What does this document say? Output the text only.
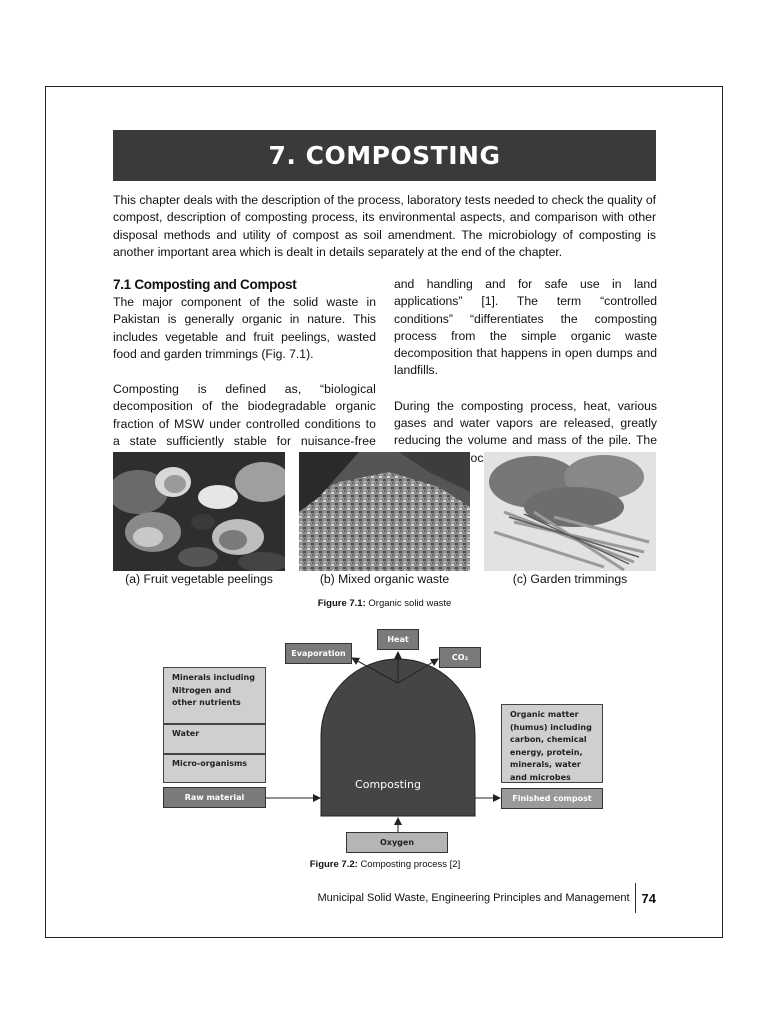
7. COMPOSTING
This chapter deals with the description of the process, laboratory tests needed to check the quality of compost, description of composting process, its environmental aspects, and comparison with other disposal methods and utility of compost as soil amendment. The microbiology of composting is another important area which is dealt in details separately at the end of the chapter.
7.1 Composting and Compost

The major component of the solid waste in Pakistan is generally organic in nature. This includes vegetable and fruit peelings, wasted food and garden trimmings (Fig. 7.1).

Composting is defined as, “biological decomposition of the biodegradable organic fraction of MSW under controlled conditions to a state sufficiently stable for nuisance-free

and handling and for safe use in land applications” [1]. The term “controlled conditions” “differentiates the composting process from the simple organic waste decomposition that happens in open dumps and landfills.

During the composting process, heat, various gases and water vapors are released, greatly reducing the volume and mass of the pile. The process

(a) Fruit vegetable peelings	(b) Mixed organic waste	(c) Garden trimmings
Figure 7.1: Organic solid waste
Heat
Evaporation	CO₂
Minerals including Nitrogen and other nutrients
Water
Micro-organisms
Raw material
Composting
Organic matter (humus) including carbon, chemical energy, protein, minerals, water and microbes
Finished compost
Oxygen
Figure 7.2: Composting process [2]
Municipal Solid Waste, Engineering Principles and Management 74
